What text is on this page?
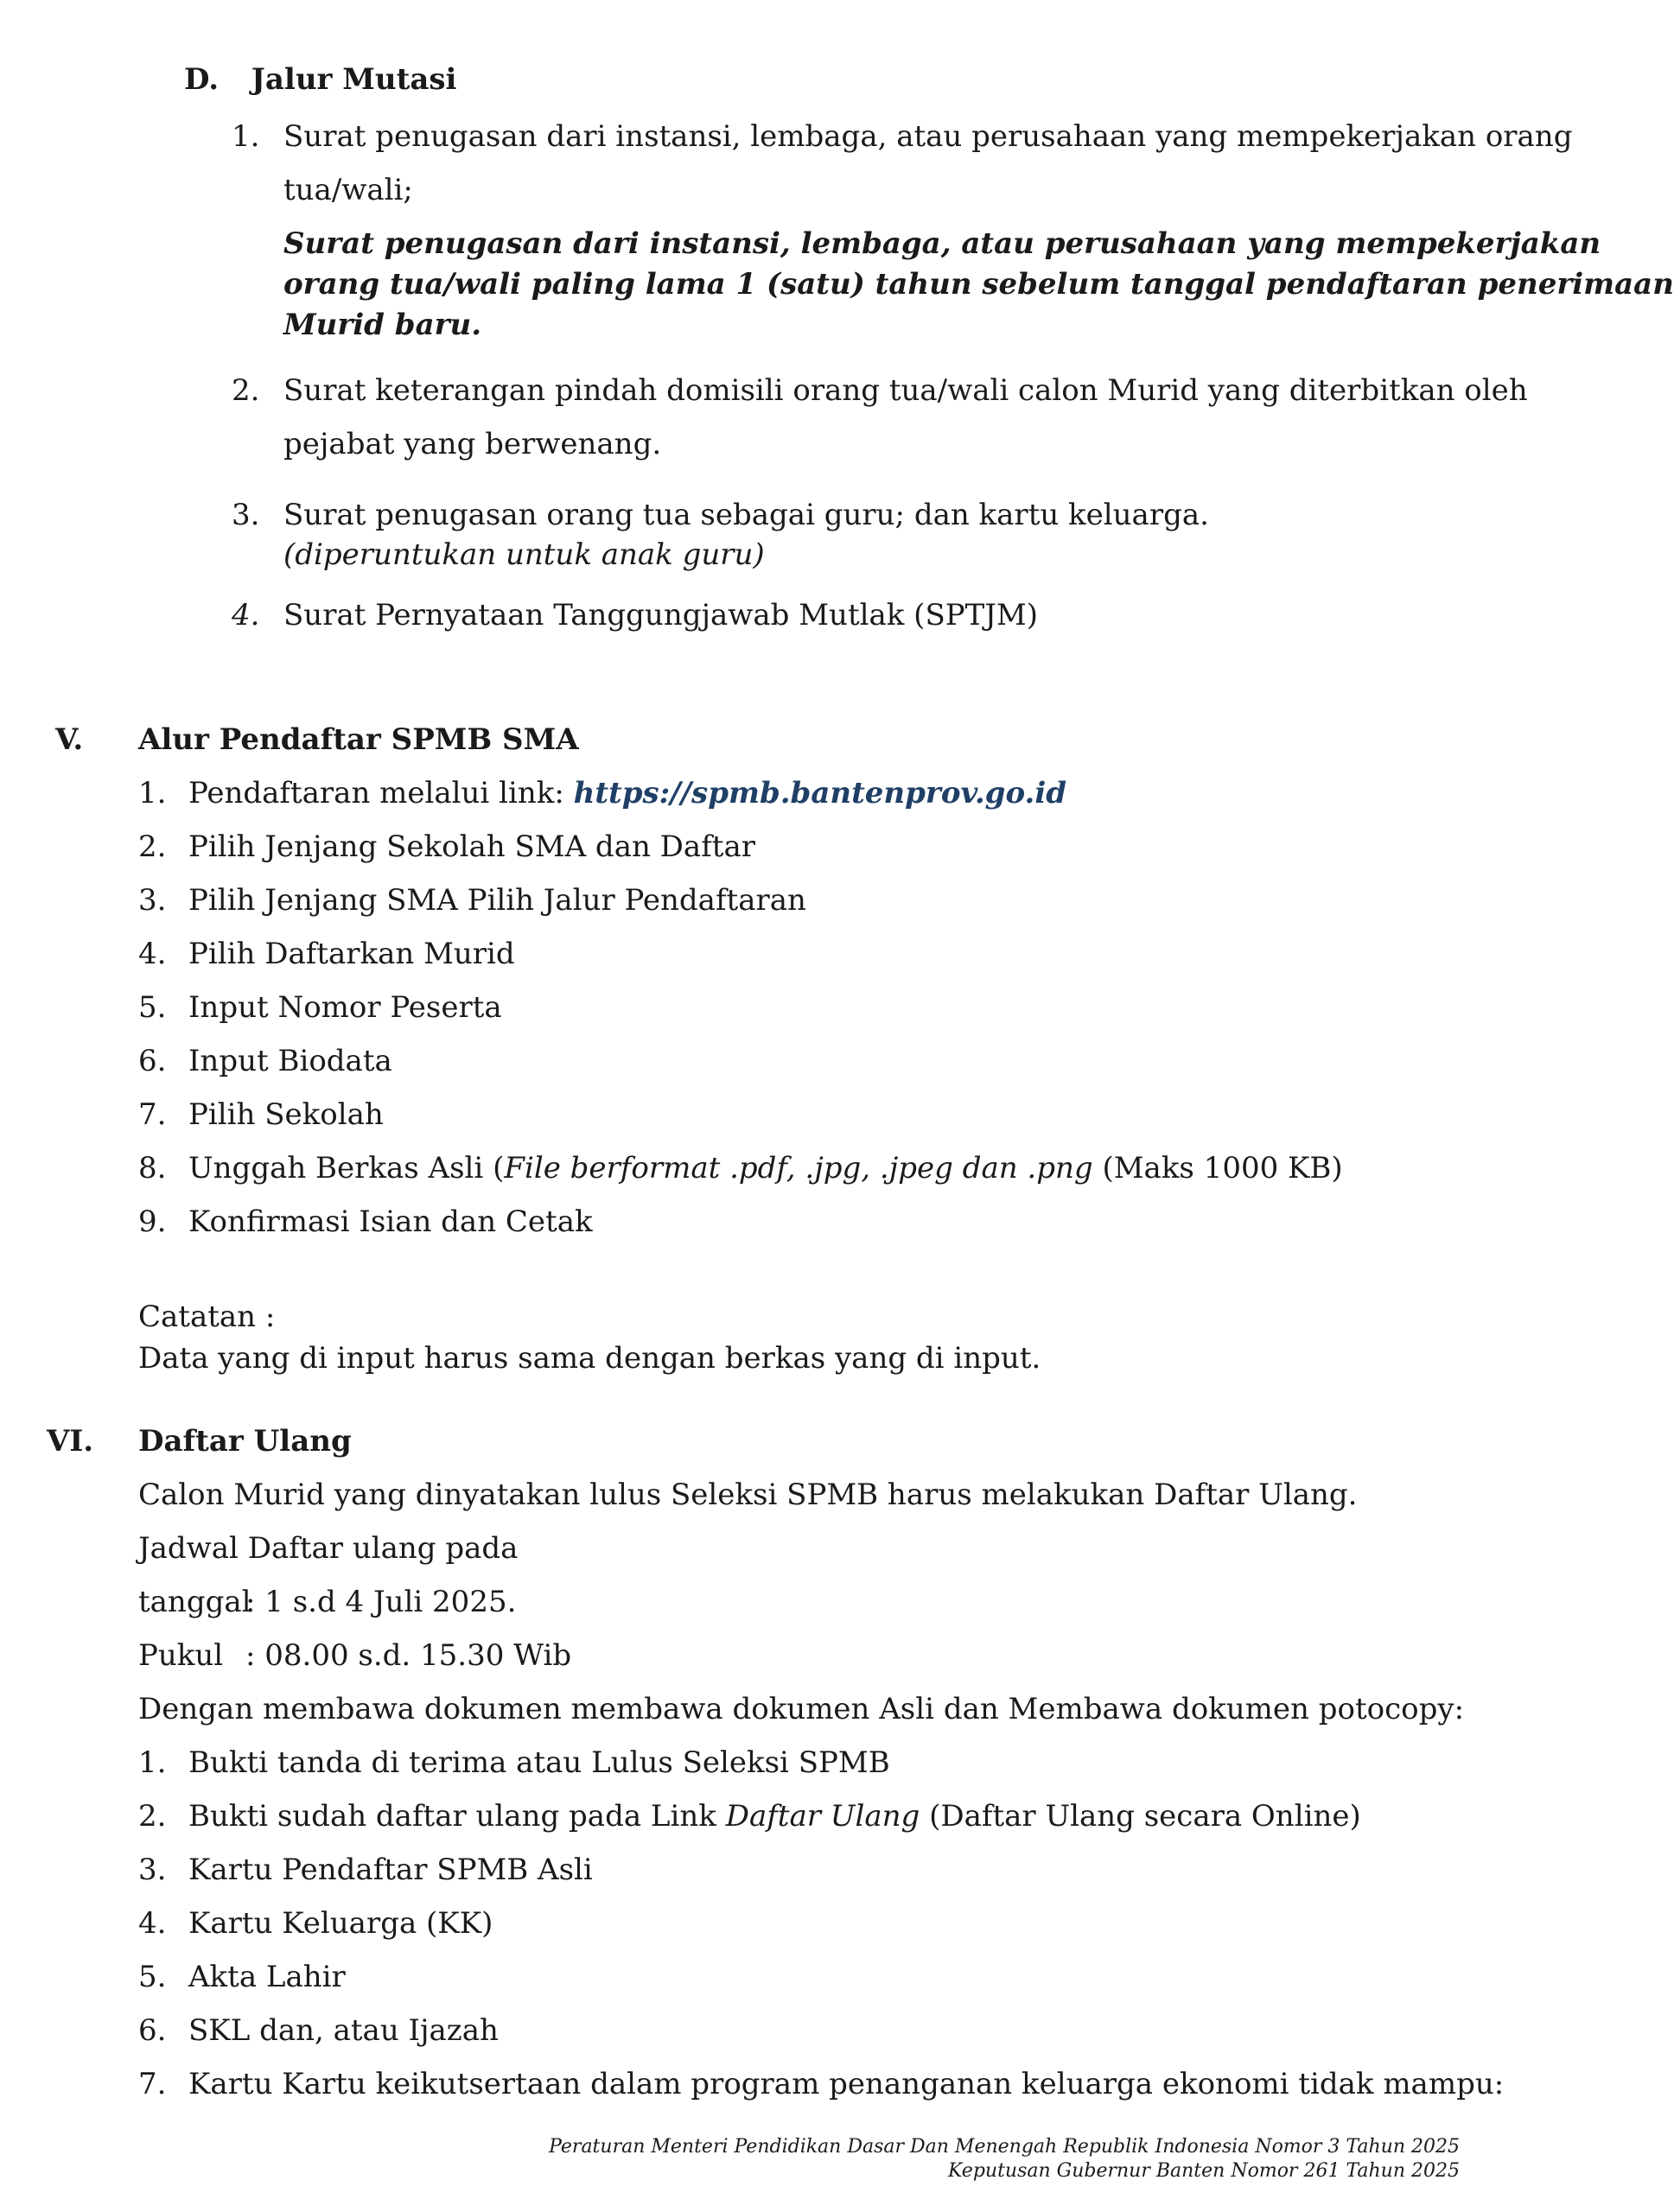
D. Jalur Mutasi
1. Surat penugasan dari instansi, lembaga, atau perusahaan yang mempekerjakan orang
tua/wali;
Surat penugasan dari instansi, lembaga, atau perusahaan yang mempekerjakan
orang tua/wali paling lama 1 (satu) tahun sebelum tanggal pendaftaran penerimaan
Murid baru.
2. Surat keterangan pindah domisili orang tua/wali calon Murid yang diterbitkan oleh
pejabat yang berwenang.
3. Surat penugasan orang tua sebagai guru; dan kartu keluarga.
(diperuntukan untuk anak guru)
4. Surat Pernyataan Tanggungjawab Mutlak (SPTJM)
V. Alur Pendaftar SPMB SMA
1. Pendaftaran melalui link: https://spmb.bantenprov.go.id
2. Pilih Jenjang Sekolah SMA dan Daftar
3. Pilih Jenjang SMA Pilih Jalur Pendaftaran
4. Pilih Daftarkan Murid
5. Input Nomor Peserta
6. Input Biodata
7. Pilih Sekolah
8. Unggah Berkas Asli (File berformat .pdf, .jpg, .jpeg dan .png (Maks 1000 KB)
9. Konfirmasi Isian dan Cetak
Catatan :
Data yang di input harus sama dengan berkas yang di input.
VI. Daftar Ulang
Calon Murid yang dinyatakan lulus Seleksi SPMB harus melakukan Daftar Ulang.
Jadwal Daftar ulang pada
tanggal
: 1 s.d 4 Juli 2025.
Pukul : 08.00 s.d. 15.30 Wib
Dengan membawa dokumen membawa dokumen Asli dan Membawa dokumen potocopy:
1. Bukti tanda di terima atau Lulus Seleksi SPMB
2. Bukti sudah daftar ulang pada Link Daftar Ulang (Daftar Ulang secara Online)
3. Kartu Pendaftar SPMB Asli
4. Kartu Keluarga (KK)
5. Akta Lahir
6. SKL dan, atau Ijazah
7. Kartu Kartu keikutsertaan dalam program penanganan keluarga ekonomi tidak mampu:
Peraturan Menteri Pendidikan Dasar Dan Menengah Republik Indonesia Nomor 3 Tahun 2025
Keputusan Gubernur Banten Nomor 261 Tahun 2025
